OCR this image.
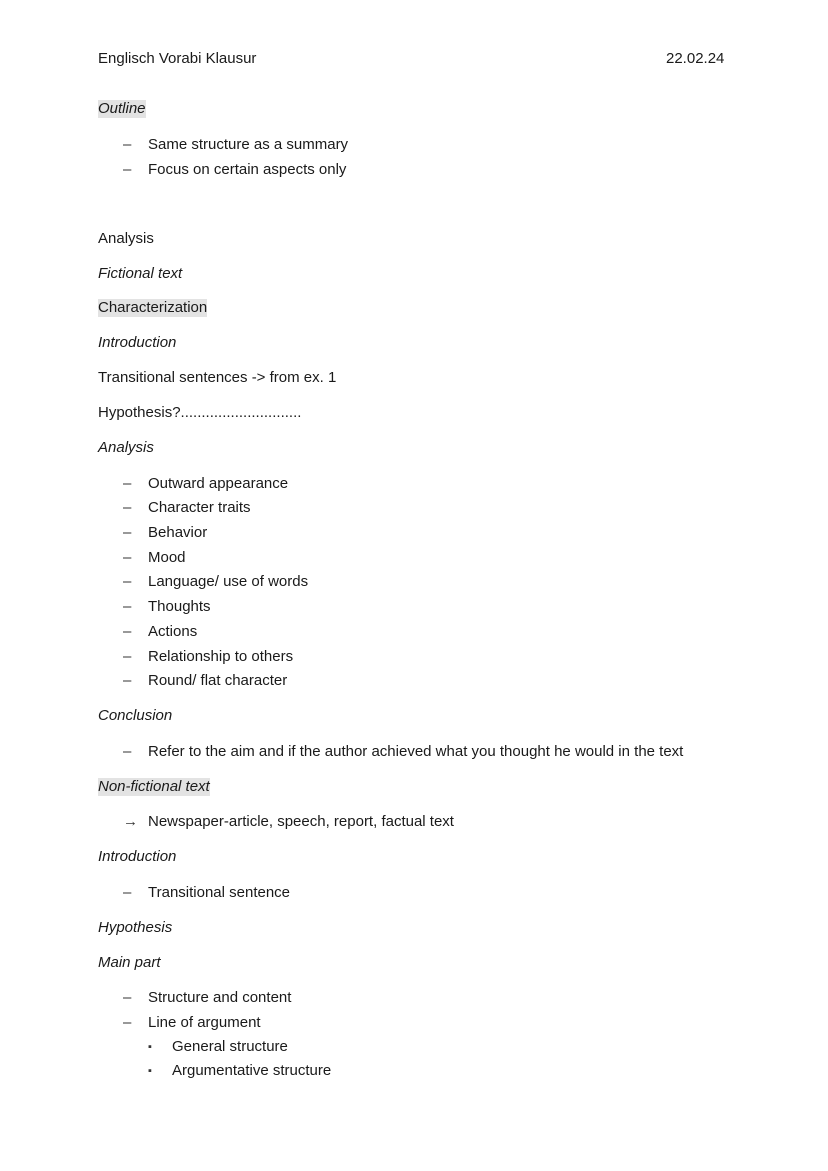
Englisch Vorabi Klausur	22.02.24
Outline
–	Same structure as a summary
–	Focus on certain aspects only
Analysis
Fictional text
Characterization
Introduction
Transitional sentences -> from ex. 1
Hypothesis?.............................
Analysis
–	Outward appearance
–	Character traits
–	Behavior
–	Mood
–	Language/ use of words
–	Thoughts
–	Actions
–	Relationship to others
–	Round/ flat character
Conclusion
–	Refer to the aim and if the author achieved what you thought he would in the text
Non-fictional text
→ Newspaper-article, speech, report, factual text
Introduction
–	Transitional sentence
Hypothesis
Main part
–	Structure and content
–	Line of argument
▪	General structure
▪	Argumentative structure
